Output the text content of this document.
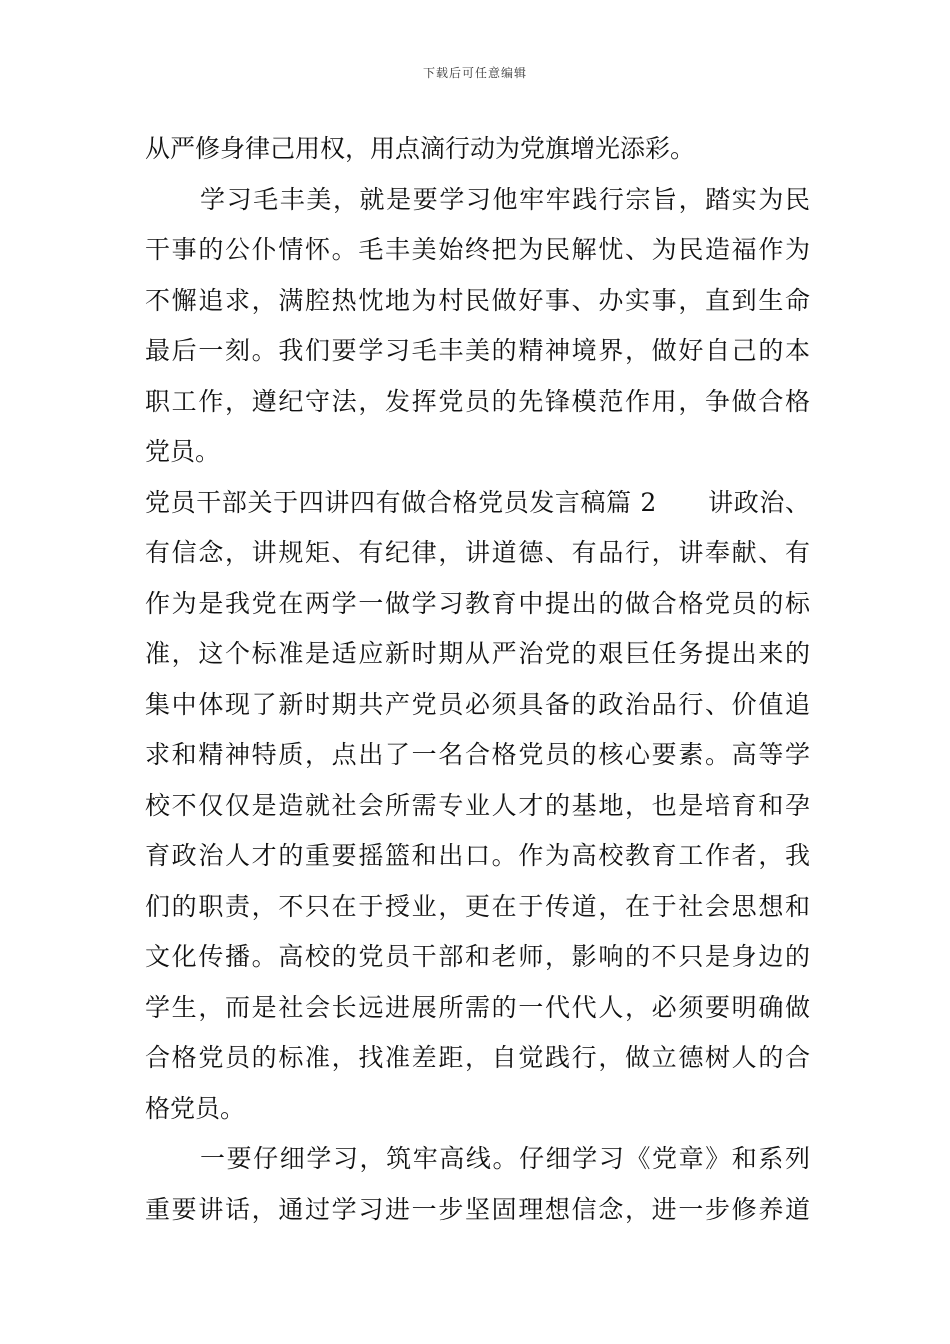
下载后可任意编辑
从严修身律己用权，用点滴行动为党旗增光添彩。
学习毛丰美，就是要学习他牢牢践行宗旨，踏实为民
干事的公仆情怀。毛丰美始终把为民解忧、为民造福作为
不懈追求，满腔热忱地为村民做好事、办实事，直到生命
最后一刻。我们要学习毛丰美的精神境界，做好自己的本
职工作，遵纪守法，发挥党员的先锋模范作用，争做合格
党员。
党员干部关于四讲四有做合格党员发言稿篇 2　　讲政治、
有信念，讲规矩、有纪律，讲道德、有品行，讲奉献、有
作为是我党在两学一做学习教育中提出的做合格党员的标
准，这个标准是适应新时期从严治党的艰巨任务提出来的
集中体现了新时期共产党员必须具备的政治品行、价值追
求和精神特质，点出了一名合格党员的核心要素。高等学
校不仅仅是造就社会所需专业人才的基地，也是培育和孕
育政治人才的重要摇篮和出口。作为高校教育工作者，我
们的职责，不只在于授业，更在于传道，在于社会思想和
文化传播。高校的党员干部和老师，影响的不只是身边的
学生，而是社会长远进展所需的一代代人，必须要明确做
合格党员的标准，找准差距，自觉践行，做立德树人的合
格党员。
一要仔细学习，筑牢高线。仔细学习《党章》和系列
重要讲话，通过学习进一步坚固理想信念，进一步修养道
